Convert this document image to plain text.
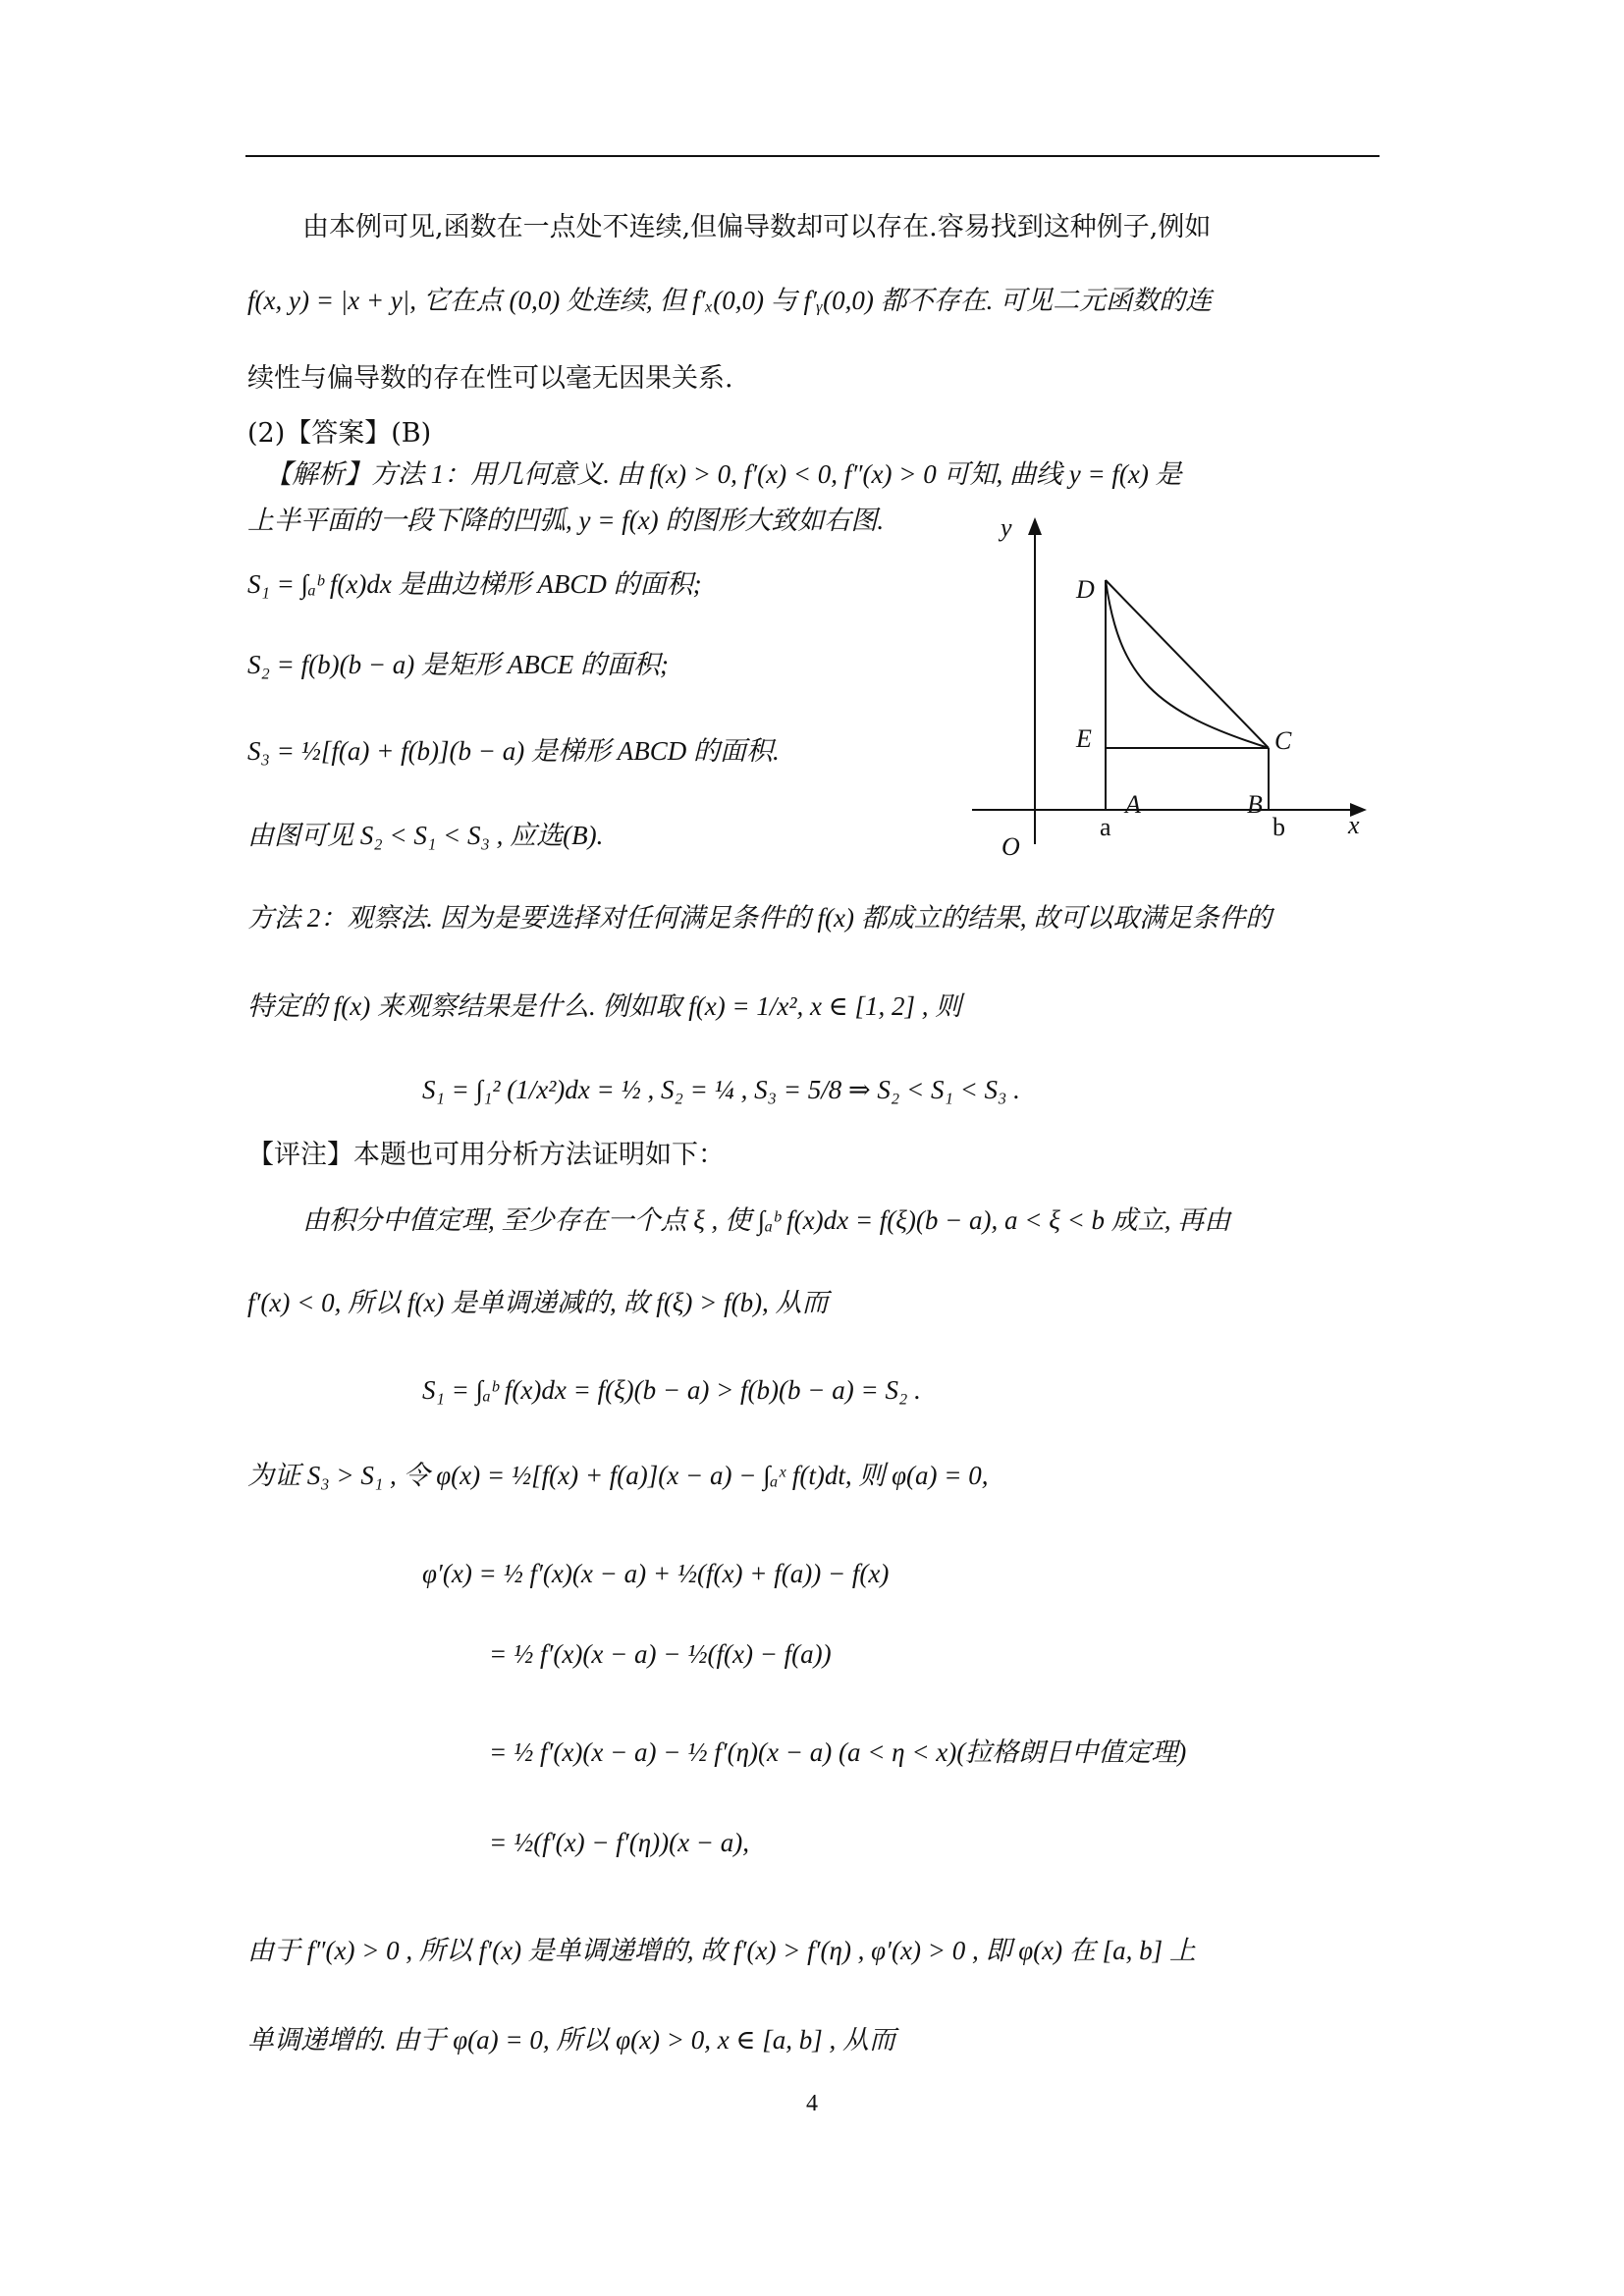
由本例可见,函数在一点处不连续,但偏导数却可以存在.容易找到这种例子,例如
f(x, y) = |x + y|, 它在点 (0,0) 处连续, 但 f′ₓ(0,0) 与 f′ᵧ(0,0) 都不存在. 可见二元函数的连
续性与偏导数的存在性可以毫无因果关系.
(2)【答案】(B)
【解析】方法 1：用几何意义. 由 f(x) > 0, f′(x) < 0, f″(x) > 0 可知, 曲线 y = f(x) 是
上半平面的一段下降的凹弧, y = f(x) 的图形大致如右图.
S₁ = ∫ₐᵇ f(x)dx 是曲边梯形 ABCD 的面积;
S₂ = f(b)(b − a) 是矩形 ABCE 的面积;
S₃ = ½[f(a) + f(b)](b − a) 是梯形 ABCD 的面积.
由图可见 S₂ < S₁ < S₃ , 应选(B).
y
x
O
D
E	C
A	B
a	b
方法 2：观察法. 因为是要选择对任何满足条件的 f(x) 都成立的结果, 故可以取满足条件的
特定的 f(x) 来观察结果是什么. 例如取 f(x) = 1/x², x ∈ [1, 2] , 则
S₁ = ∫₁² (1/x²)dx = ½ , S₂ = ¼ , S₃ = 5/8 ⇒ S₂ < S₁ < S₃ .
【评注】本题也可用分析方法证明如下：
由积分中值定理, 至少存在一个点 ξ , 使 ∫ₐᵇ f(x)dx = f(ξ)(b − a), a < ξ < b 成立, 再由
f′(x) < 0, 所以 f(x) 是单调递减的, 故 f(ξ) > f(b), 从而
S₁ = ∫ₐᵇ f(x)dx = f(ξ)(b − a) > f(b)(b − a) = S₂ .
为证 S₃ > S₁ , 令 φ(x) = ½[f(x) + f(a)](x − a) − ∫ₐˣ f(t)dt, 则 φ(a) = 0,
φ′(x) = ½ f′(x)(x − a) + ½(f(x) + f(a)) − f(x)
= ½ f′(x)(x − a) − ½(f(x) − f(a))
= ½ f′(x)(x − a) − ½ f′(η)(x − a) (a < η < x)(拉格朗日中值定理)
= ½(f′(x) − f′(η))(x − a),
由于 f″(x) > 0 , 所以 f′(x) 是单调递增的, 故 f′(x) > f′(η) , φ′(x) > 0 , 即 φ(x) 在 [a, b] 上
单调递增的. 由于 φ(a) = 0, 所以 φ(x) > 0, x ∈ [a, b] , 从而
4
